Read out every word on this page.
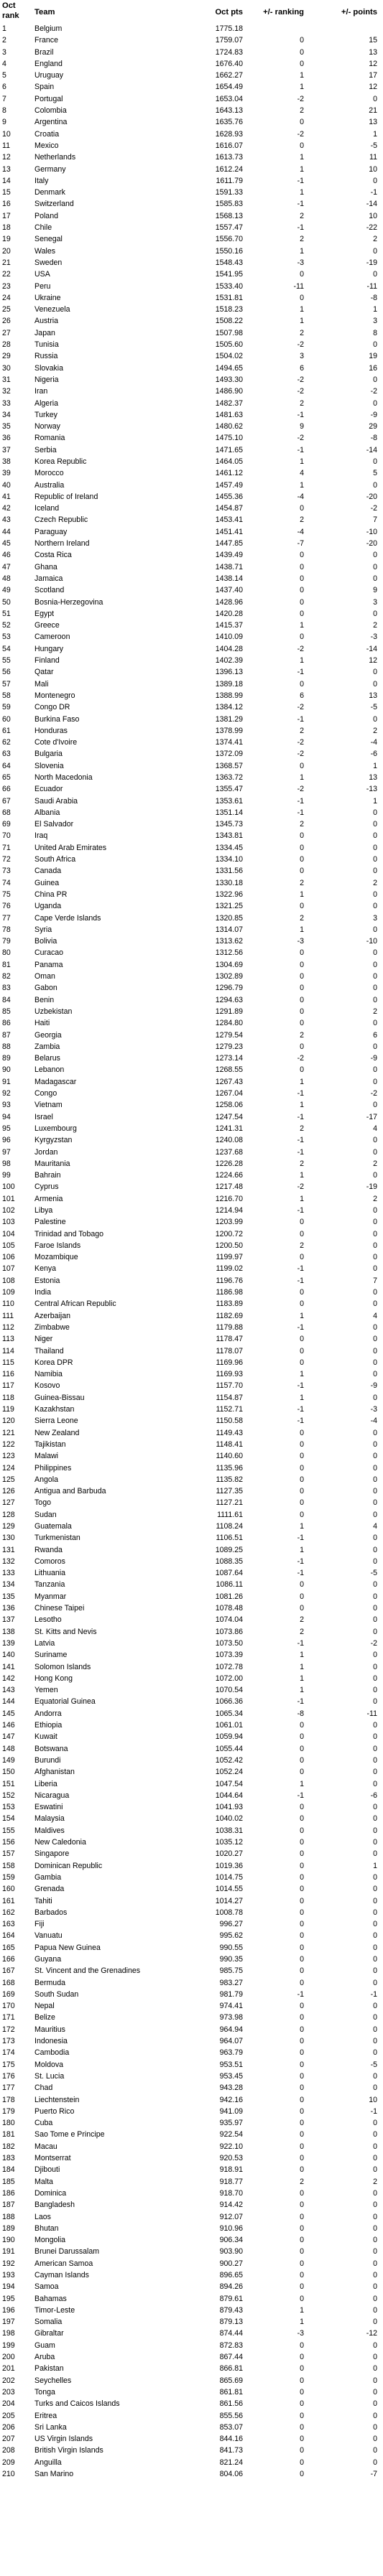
Oct rank	Team	Oct pts	+/- ranking	+/- points
1	Belgium	1775.18
2	France	1759.07	0	15
3	Brazil	1724.83	0	13
4	England	1676.40	0	12
5	Uruguay	1662.27	1	17
6	Spain	1654.49	1	12
7	Portugal	1653.04	-2	0
8	Colombia	1643.13	2	21
9	Argentina	1635.76	0	13
10	Croatia	1628.93	-2	1
11	Mexico	1616.07	0	-5
12	Netherlands	1613.73	1	11
13	Germany	1612.24	1	10
14	Italy	1611.79	-1	0
15	Denmark	1591.33	1	-1
16	Switzerland	1585.83	-1	-14
17	Poland	1568.13	2	10
18	Chile	1557.47	-1	-22
19	Senegal	1556.70	2	2
20	Wales	1550.16	1	0
21	Sweden	1548.43	-3	-19
22	USA	1541.95	0	0
23	Peru	1533.40	-11	-11
24	Ukraine	1531.81	0	-8
25	Venezuela	1518.23	1	1
26	Austria	1508.22	1	3
27	Japan	1507.98	2	8
28	Tunisia	1505.60	-2	0
29	Russia	1504.02	3	19
30	Slovakia	1494.65	6	16
31	Nigeria	1493.30	-2	0
32	Iran	1486.90	-2	-2
33	Algeria	1482.37	2	0
34	Turkey	1481.63	-1	-9
35	Norway	1480.62	9	29
36	Romania	1475.10	-2	-8
37	Serbia	1471.65	-1	-14
38	Korea Republic	1464.05	1	0
39	Morocco	1461.12	4	5
40	Australia	1457.49	1	0
41	Republic of Ireland	1455.36	-4	-20
42	Iceland	1454.87	0	-2
43	Czech Republic	1453.41	2	7
44	Paraguay	1451.41	-4	-10
45	Northern Ireland	1447.85	-7	-20
46	Costa Rica	1439.49	0	0
47	Ghana	1438.71	0	0
48	Jamaica	1438.14	0	0
49	Scotland	1437.40	0	9
50	Bosnia-Herzegovina	1428.96	0	3
51	Egypt	1420.28	0	0
52	Greece	1415.37	1	2
53	Cameroon	1410.09	0	-3
54	Hungary	1404.28	-2	-14
55	Finland	1402.39	1	12
56	Qatar	1396.13	-1	0
57	Mali	1389.18	0	0
58	Montenegro	1388.99	6	13
59	Congo DR	1384.12	-2	-5
60	Burkina Faso	1381.29	-1	0
61	Honduras	1378.99	2	2
62	Cote d'Ivoire	1374.41	-2	-4
63	Bulgaria	1372.09	-2	-6
64	Slovenia	1368.57	0	1
65	North Macedonia	1363.72	1	13
66	Ecuador	1355.47	-2	-13
67	Saudi Arabia	1353.61	-1	1
68	Albania	1351.14	-1	0
69	El Salvador	1345.73	2	0
70	Iraq	1343.81	0	0
71	United Arab Emirates	1334.45	0	0
72	South Africa	1334.10	0	0
73	Canada	1331.56	0	0
74	Guinea	1330.18	2	2
75	China PR	1322.96	1	0
76	Uganda	1321.25	0	0
77	Cape Verde Islands	1320.85	2	3
78	Syria	1314.07	1	0
79	Bolivia	1313.62	-3	-10
80	Curacao	1312.56	0	0
81	Panama	1304.69	0	0
82	Oman	1302.89	0	0
83	Gabon	1296.79	0	0
84	Benin	1294.63	0	0
85	Uzbekistan	1291.89	0	2
86	Haiti	1284.80	0	0
87	Georgia	1279.54	2	6
88	Zambia	1279.23	0	0
89	Belarus	1273.14	-2	-9
90	Lebanon	1268.55	0	0
91	Madagascar	1267.43	1	0
92	Congo	1267.04	-1	-2
93	Vietnam	1258.06	1	0
94	Israel	1247.54	-1	-17
95	Luxembourg	1241.31	2	4
96	Kyrgyzstan	1240.08	-1	0
97	Jordan	1237.68	-1	0
98	Mauritania	1226.28	2	2
99	Bahrain	1224.66	1	0
100	Cyprus	1217.48	-2	-19
101	Armenia	1216.70	1	2
102	Libya	1214.94	-1	0
103	Palestine	1203.99	0	0
104	Trinidad and Tobago	1200.72	0	0
105	Faroe Islands	1200.50	2	0
106	Mozambique	1199.97	0	0
107	Kenya	1199.02	-1	0
108	Estonia	1196.76	-1	7
109	India	1186.98	0	0
110	Central African Republic	1183.89	0	0
111	Azerbaijan	1182.69	1	4
112	Zimbabwe	1179.88	-1	0
113	Niger	1178.47	0	0
114	Thailand	1178.07	0	0
115	Korea DPR	1169.96	0	0
116	Namibia	1169.93	1	0
117	Kosovo	1157.70	-1	-9
118	Guinea-Bissau	1154.87	1	0
119	Kazakhstan	1152.71	-1	-3
120	Sierra Leone	1150.58	-1	-4
121	New Zealand	1149.43	0	0
122	Tajikistan	1148.41	0	0
123	Malawi	1140.60	0	0
124	Philippines	1135.96	0	0
125	Angola	1135.82	0	0
126	Antigua and Barbuda	1127.35	0	0
127	Togo	1127.21	0	0
128	Sudan	1111.61	0	0
129	Guatemala	1108.24	1	4
130	Turkmenistan	1106.51	-1	0
131	Rwanda	1089.25	1	0
132	Comoros	1088.35	-1	0
133	Lithuania	1087.64	-1	-5
134	Tanzania	1086.11	0	0
135	Myanmar	1081.26	0	0
136	Chinese Taipei	1078.48	0	0
137	Lesotho	1074.04	2	0
138	St. Kitts and Nevis	1073.86	2	0
139	Latvia	1073.50	-1	-2
140	Suriname	1073.39	1	0
141	Solomon Islands	1072.78	1	0
142	Hong Kong	1072.00	1	0
143	Yemen	1070.54	1	0
144	Equatorial Guinea	1066.36	-1	0
145	Andorra	1065.34	-8	-11
146	Ethiopia	1061.01	0	0
147	Kuwait	1059.94	0	0
148	Botswana	1055.44	0	0
149	Burundi	1052.42	0	0
150	Afghanistan	1052.24	0	0
151	Liberia	1047.54	1	0
152	Nicaragua	1044.64	-1	-6
153	Eswatini	1041.93	0	0
154	Malaysia	1040.02	0	0
155	Maldives	1038.31	0	0
156	New Caledonia	1035.12	0	0
157	Singapore	1020.27	0	0
158	Dominican Republic	1019.36	0	1
159	Gambia	1014.75	0	0
160	Grenada	1014.55	0	0
161	Tahiti	1014.27	0	0
162	Barbados	1008.78	0	0
163	Fiji	996.27	0	0
164	Vanuatu	995.62	0	0
165	Papua New Guinea	990.55	0	0
166	Guyana	990.35	0	0
167	St. Vincent and the Grenadines	985.75	0	0
168	Bermuda	983.27	0	0
169	South Sudan	981.79	-1	-1
170	Nepal	974.41	0	0
171	Belize	973.98	0	0
172	Mauritius	964.94	0	0
173	Indonesia	964.07	0	0
174	Cambodia	963.79	0	0
175	Moldova	953.51	0	-5
176	St. Lucia	953.45	0	0
177	Chad	943.28	0	0
178	Liechtenstein	942.16	0	10
179	Puerto Rico	941.09	0	-1
180	Cuba	935.97	0	0
181	Sao Tome e Principe	922.54	0	0
182	Macau	922.10	0	0
183	Montserrat	920.53	0	0
184	Djibouti	918.91	0	0
185	Malta	918.77	2	2
186	Dominica	918.70	0	0
187	Bangladesh	914.42	0	0
188	Laos	912.07	0	0
189	Bhutan	910.96	0	0
190	Mongolia	906.34	0	0
191	Brunei Darussalam	903.90	0	0
192	American Samoa	900.27	0	0
193	Cayman Islands	896.65	0	0
194	Samoa	894.26	0	0
195	Bahamas	879.61	0	0
196	Timor-Leste	879.43	1	0
197	Somalia	879.13	1	0
198	Gibraltar	874.44	-3	-12
199	Guam	872.83	0	0
200	Aruba	867.44	0	0
201	Pakistan	866.81	0	0
202	Seychelles	865.69	0	0
203	Tonga	861.81	0	0
204	Turks and Caicos Islands	861.56	0	0
205	Eritrea	855.56	0	0
206	Sri Lanka	853.07	0	0
207	US Virgin Islands	844.16	0	0
208	British Virgin Islands	841.73	0	0
209	Anguilla	821.24	0	0
210	San Marino	804.06	0	-7
